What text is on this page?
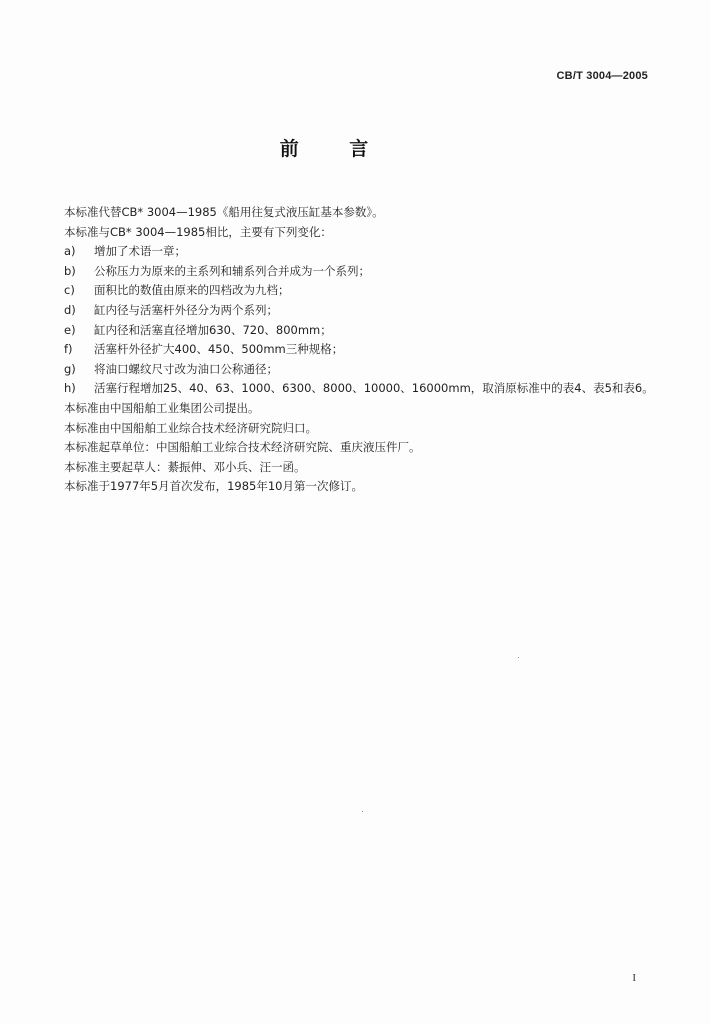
CB/T 3004—2005
前 言
本标准代替CB* 3004—1985《船用往复式液压缸基本参数》。
本标准与CB* 3004—1985相比，主要有下列变化：
a)	增加了术语一章；
b)	公称压力为原来的主系列和辅系列合并成为一个系列；
c)	面积比的数值由原来的四档改为九档；
d)	缸内径与活塞杆外径分为两个系列；
e)	缸内径和活塞直径增加630、720、800mm；
f)	活塞杆外径扩大400、450、500mm三种规格；
g)	将油口螺纹尺寸改为油口公称通径；
h)	活塞行程增加25、40、63、1000、6300、8000、10000、16000mm，取消原标准中的表4、表5和表6。
本标准由中国船舶工业集团公司提出。
本标准由中国船舶工业综合技术经济研究院归口。
本标准起草单位：中国船舶工业综合技术经济研究院、重庆液压件厂。
本标准主要起草人：綦振伸、邓小兵、汪一函。
本标准于1977年5月首次发布，1985年10月第一次修订。
I
